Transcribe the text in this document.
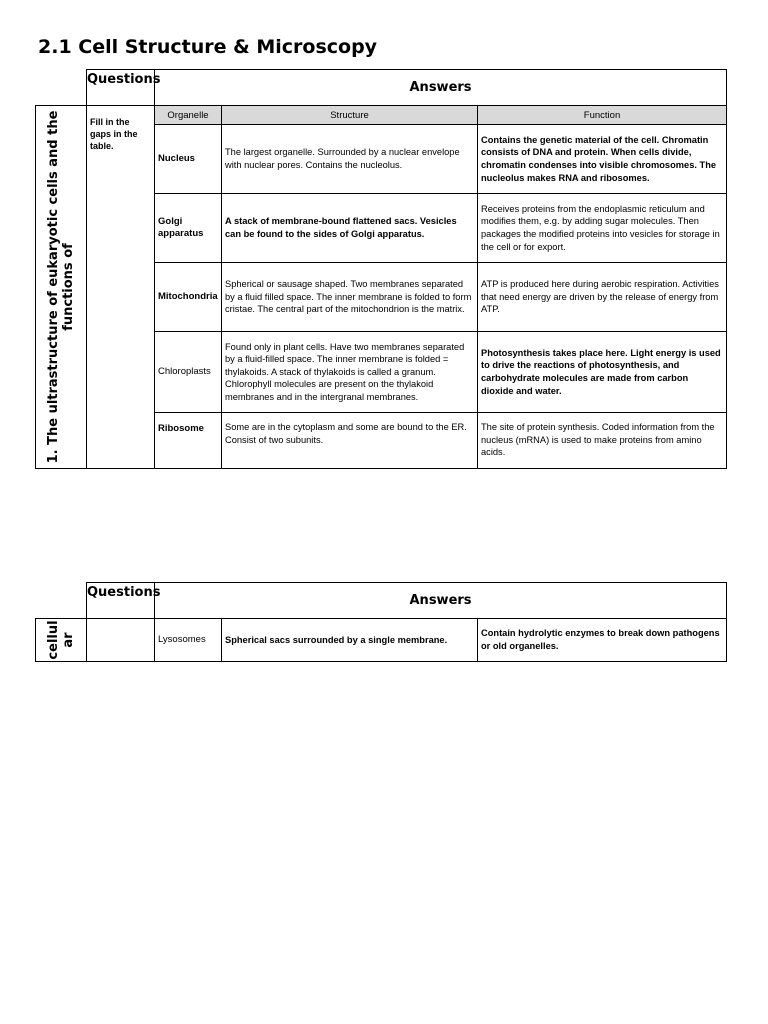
2.1 Cell Structure & Microscopy
	Questions	Answers		

1. The ultrastructure of eukaryotic cells and the functions of	Fill in the gaps in the table.	Organelle	Structure	Function
		Nucleus	The largest organelle. Surrounded by a nuclear envelope with nuclear pores. Contains the nucleolus.	Contains the genetic material of the cell. Chromatin consists of DNA and protein. When cells divide, chromatin condenses into visible chromosomes. The nucleolus makes RNA and ribosomes.
		Golgi apparatus	A stack of membrane-bound flattened sacs. Vesicles can be found to the sides of Golgi apparatus.	Receives proteins from the endoplasmic reticulum and modifies them, e.g. by adding sugar molecules. Then packages the modified proteins into vesicles for storage in the cell or for export.
		Mitochondria	Spherical or sausage shaped. Two membranes separated by a fluid filled space. The inner membrane is folded to form cristae. The central part of the mitochondrion is the matrix.	ATP is produced here during aerobic respiration. Activities that need energy are driven by the release of energy from ATP.
		Chloroplasts	Found only in plant cells. Have two membranes separated by a fluid-filled space. The inner membrane is folded = thylakoids. A stack of thylakoids is called a granum. Chlorophyll molecules are present on the thylakoid membranes and in the intergranal membranes.	Photosynthesis takes place here. Light energy is used to drive the reactions of photosynthesis, and carbohydrate molecules are made from carbon dioxide and water.
		Ribosome	Some are in the cytoplasm and some are bound to the ER. Consist of two subunits.	The site of protein synthesis. Coded information from the nucleus (mRNA) is used to make proteins from amino acids.
	Questions	Answers		

cellular		Lysosomes	Spherical sacs surrounded by a single membrane.	Contain hydrolytic enzymes to break down pathogens or old organelles.
